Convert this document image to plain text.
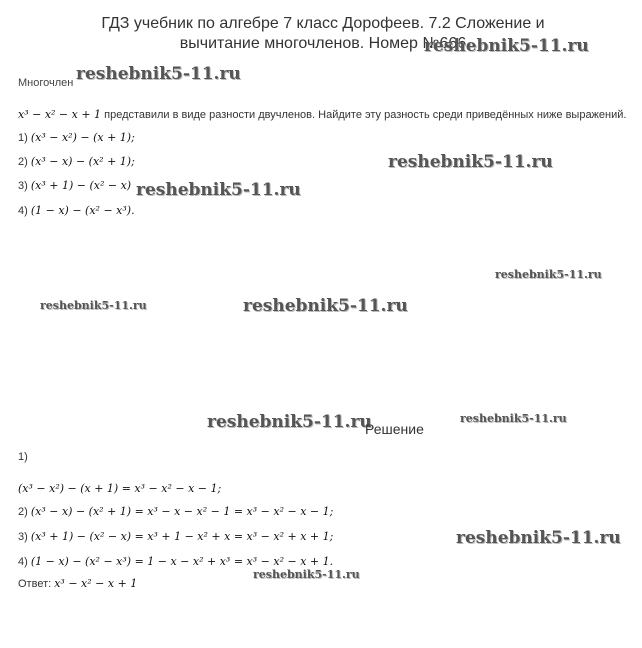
ГДЗ учебник по алгебре 7 класс Дорофеев. 7.2 Сложение и
вычитание многочленов. Номер №666
reshebnik5-11.ru
reshebnik5-11.ru
reshebnik5-11.ru
reshebnik5-11.ru
reshebnik5-11.ru
reshebnik5-11.ru	reshebnik5-11.ru
reshebnik5-11.ru	reshebnik5-11.ru
reshebnik5-11.ru
reshebnik5-11.ru
Многочлен
x³ − x² − x + 1 представили в виде разности двучленов. Найдите эту разность среди приведённых ниже выражений.
1) (x³ − x²) − (x + 1);
2) (x³ − x) − (x² + 1);
3) (x³ + 1) − (x² − x)
4) (1 − x) − (x² − x³).
Решение
1)
(x³ − x²) − (x + 1) = x³ − x² − x − 1;
2) (x³ − x) − (x² + 1) = x³ − x − x² − 1 = x³ − x² − x − 1;
3) (x³ + 1) − (x² − x) = x³ + 1 − x² + x = x³ − x² + x + 1;
4) (1 − x) − (x² − x³) = 1 − x − x² + x³ = x³ − x² − x + 1.
Ответ: x³ − x² − x + 1
